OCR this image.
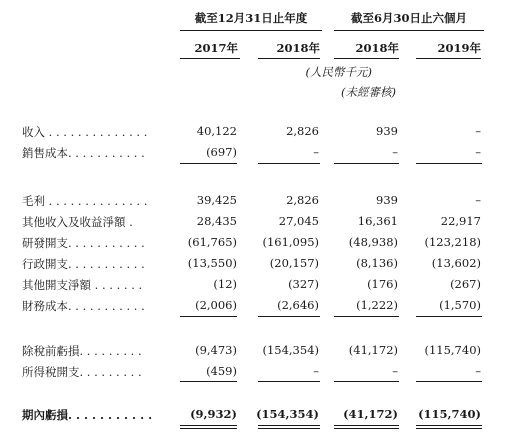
截至12月31日止年度	截至6月30日止六個月
2017年	2018年	2018年	2019年
(人民幣千元)
(未經審核)
收入 . . . . . . . . . . . . . .	40,122	2,826	939	–
銷售成本. . . . . . . . . . .	(697)	–	–	–
毛利 . . . . . . . . . . . . . .	39,425	2,826	939	–
其他收入及收益淨額 .	28,435	27,045	16,361	22,917
研發開支. . . . . . . . . . .	(61,765)	(161,095)	(48,938)	(123,218)
行政開支. . . . . . . . . . .	(13,550)	(20,157)	(8,136)	(13,602)
其他開支淨額 . . . . . . .	(12)	(327)	(176)	(267)
財務成本. . . . . . . . . . .	(2,006)	(2,646)	(1,222)	(1,570)
除稅前虧損. . . . . . . . .	(9,473)	(154,354)	(41,172)	(115,740)
所得稅開支. . . . . . . . .	(459)	–	–	–
期內虧損. . . . . . . . . . .	(9,932)	(154,354)	(41,172)	(115,740)
